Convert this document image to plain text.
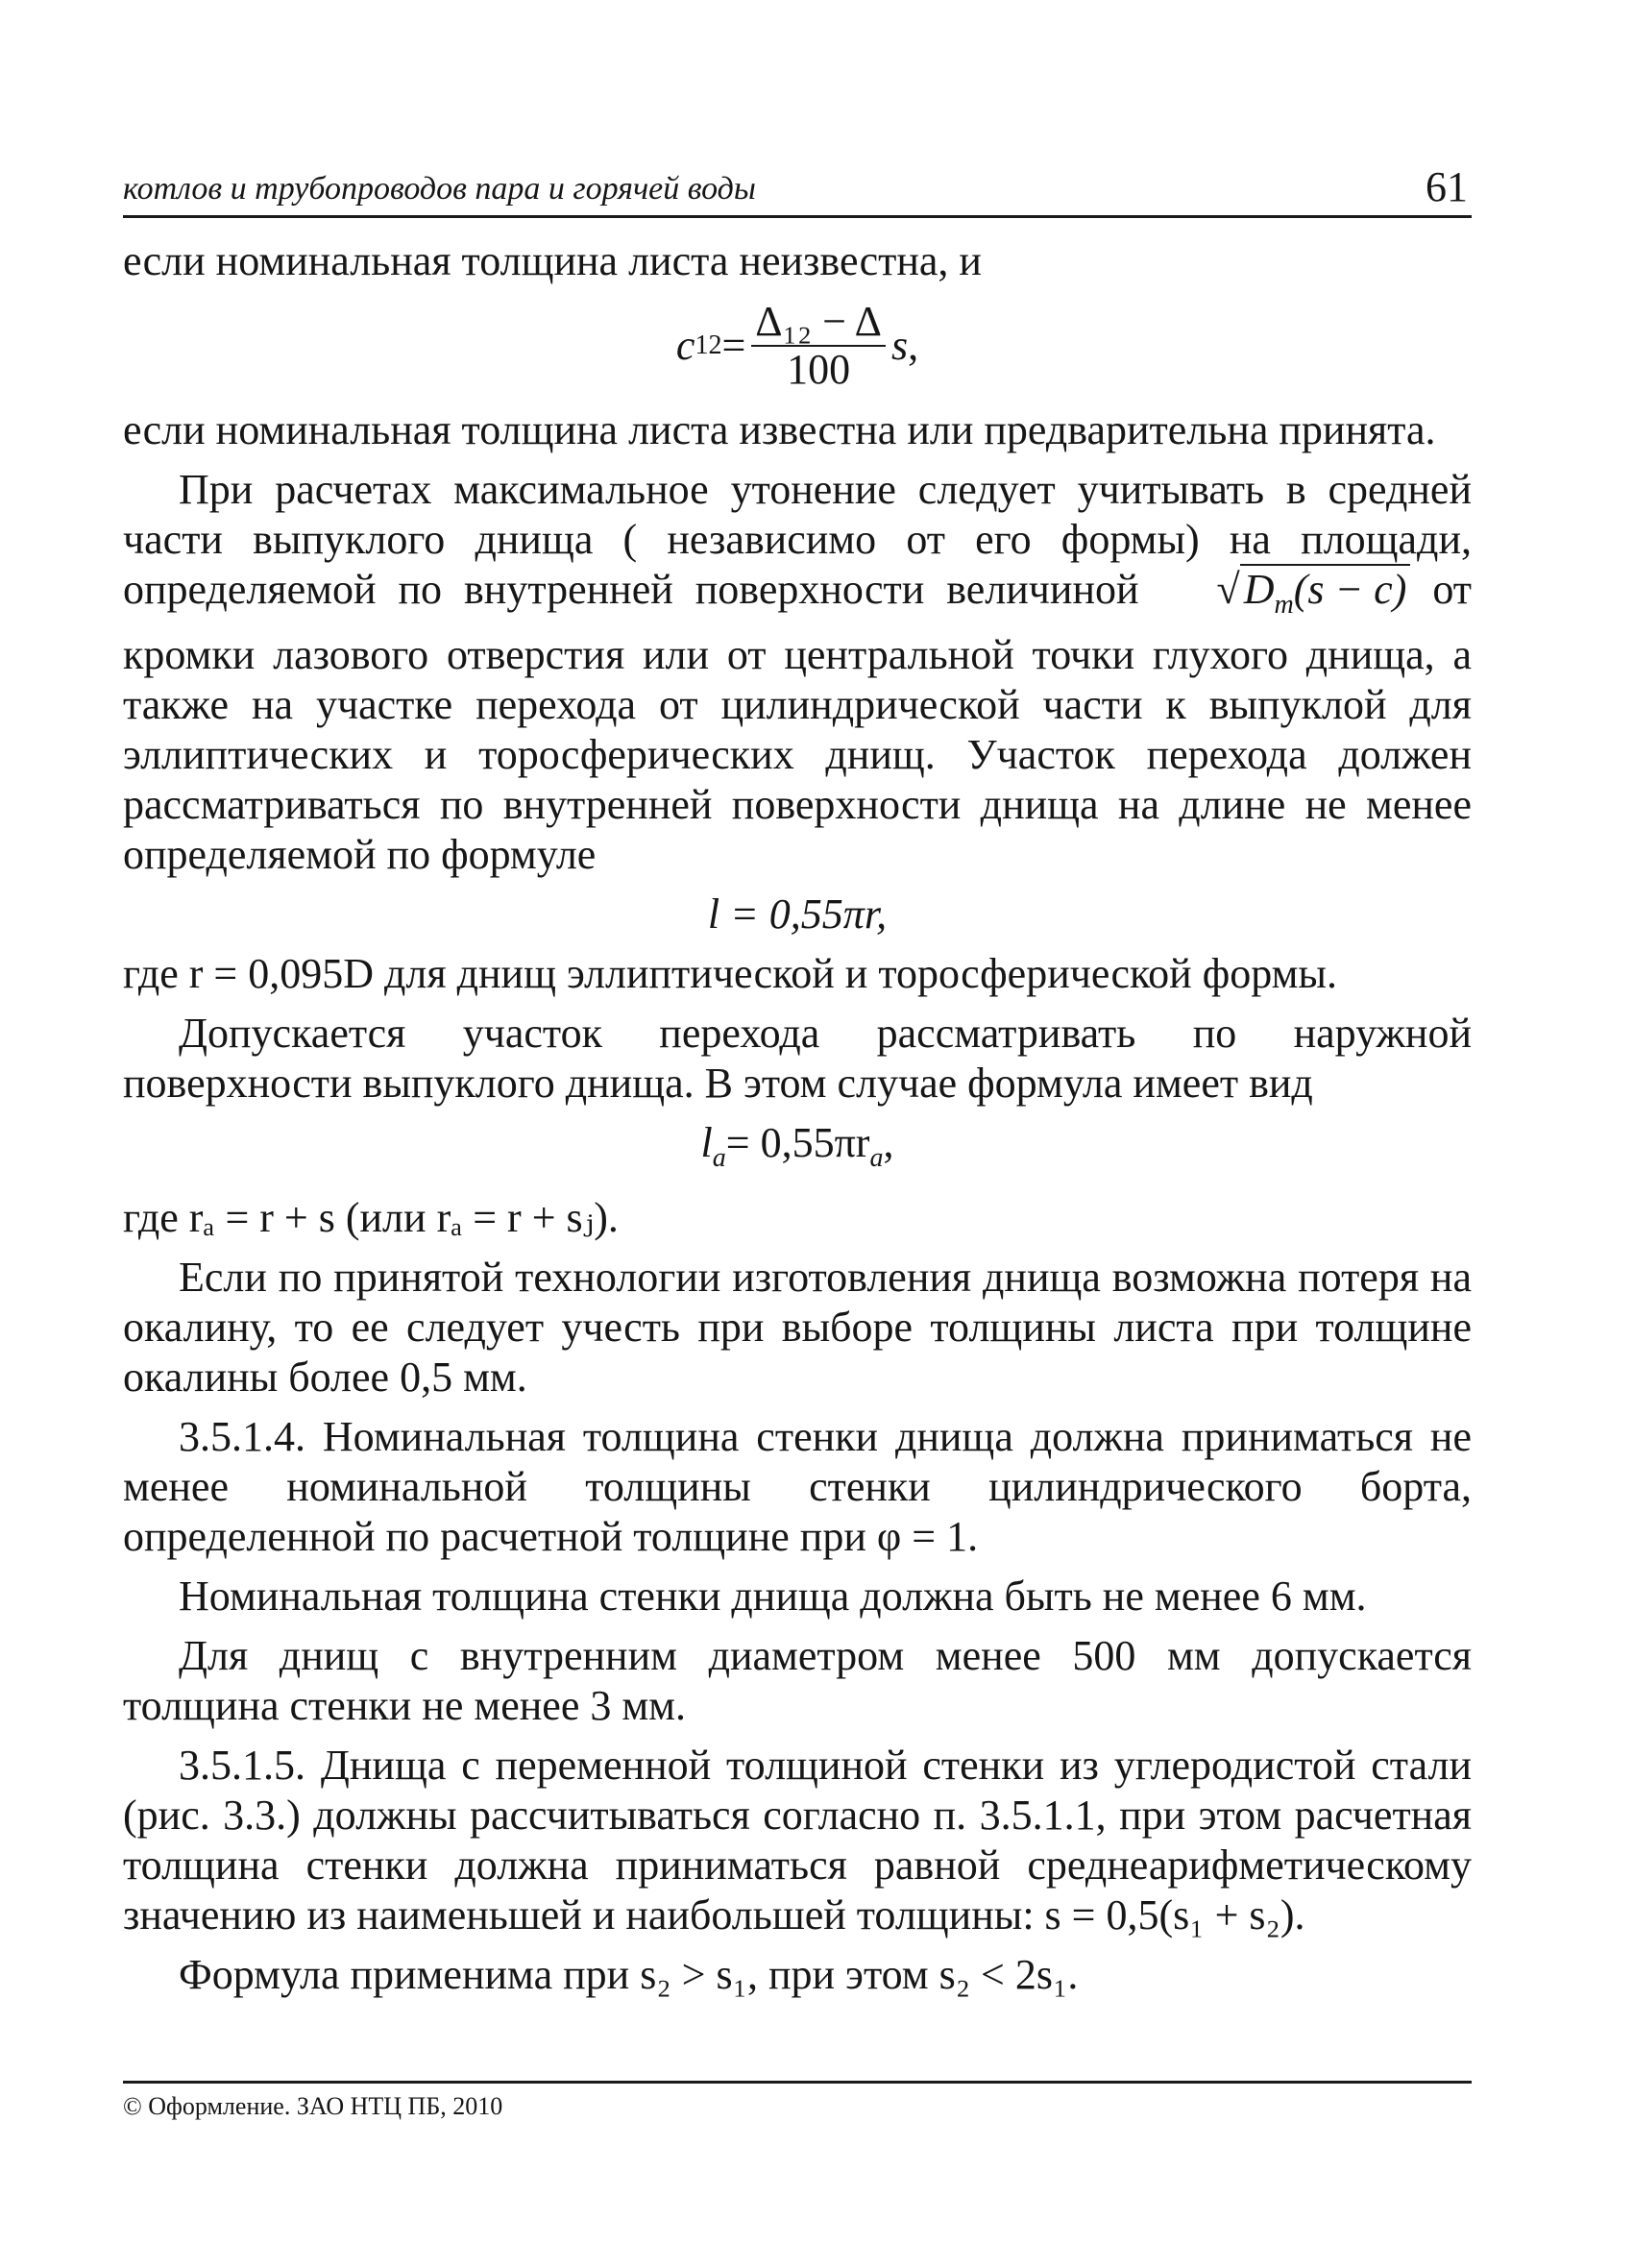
котлов и трубопроводов пара и горячей воды	61

если номинальная толщина листа неизвестна, и

c $12 = \frac{\text{Δ₁₂ − Δ}}{100}$ s ,

если номинальная толщина листа известна или предварительна принята.

При расчетах максимальное утонение следует учитывать в средней части выпуклого днища ( независимо от его формы) на площади, определяемой по внутренней поверхности величиной $√D_m(s - c)$ от кромки лазового отверстия или от центральной точки глухого днища, а также на участке перехода от цилиндрической части к выпуклой для эллиптических и торосферических днищ. Участок перехода должен рассматриваться по внутренней поверхности днища на длине не менее определяемой по формуле

l = 0,55πr,

где r = 0,095D для днищ эллиптической и торосферической формы.

Допускается участок перехода рассматривать по наружной поверхности выпуклого днища. В этом случае формула имеет вид

$l_a= 0,55\pi r_a$,

где rₐ = r + s (или rₐ = r + sⱼ).

Если по принятой технологии изготовления днища возможна потеря на окалину, то ее следует учесть при выборе толщины листа при толщине окалины более 0,5 мм.

3.5.1.4. Номинальная толщина стенки днища должна приниматься не менее номинальной толщины стенки цилиндрического борта, определенной по расчетной толщине при φ = 1.

Номинальная толщина стенки днища должна быть не менее 6 мм.

Для днищ с внутренним диаметром менее 500 мм допускается толщина стенки не менее 3 мм.

3.5.1.5. Днища с переменной толщиной стенки из углеродистой стали (рис. 3.3.) должны рассчитываться согласно п. 3.5.1.1, при этом расчетная толщина стенки должна приниматься равной среднеарифметическому значению из наименьшей и наибольшей толщины: s = 0,5(s₁ + s₂).

Формула применима при s₂ > s₁, при этом s₂ < 2s₁.

© Оформление. ЗАО НТЦ ПБ, 2010
